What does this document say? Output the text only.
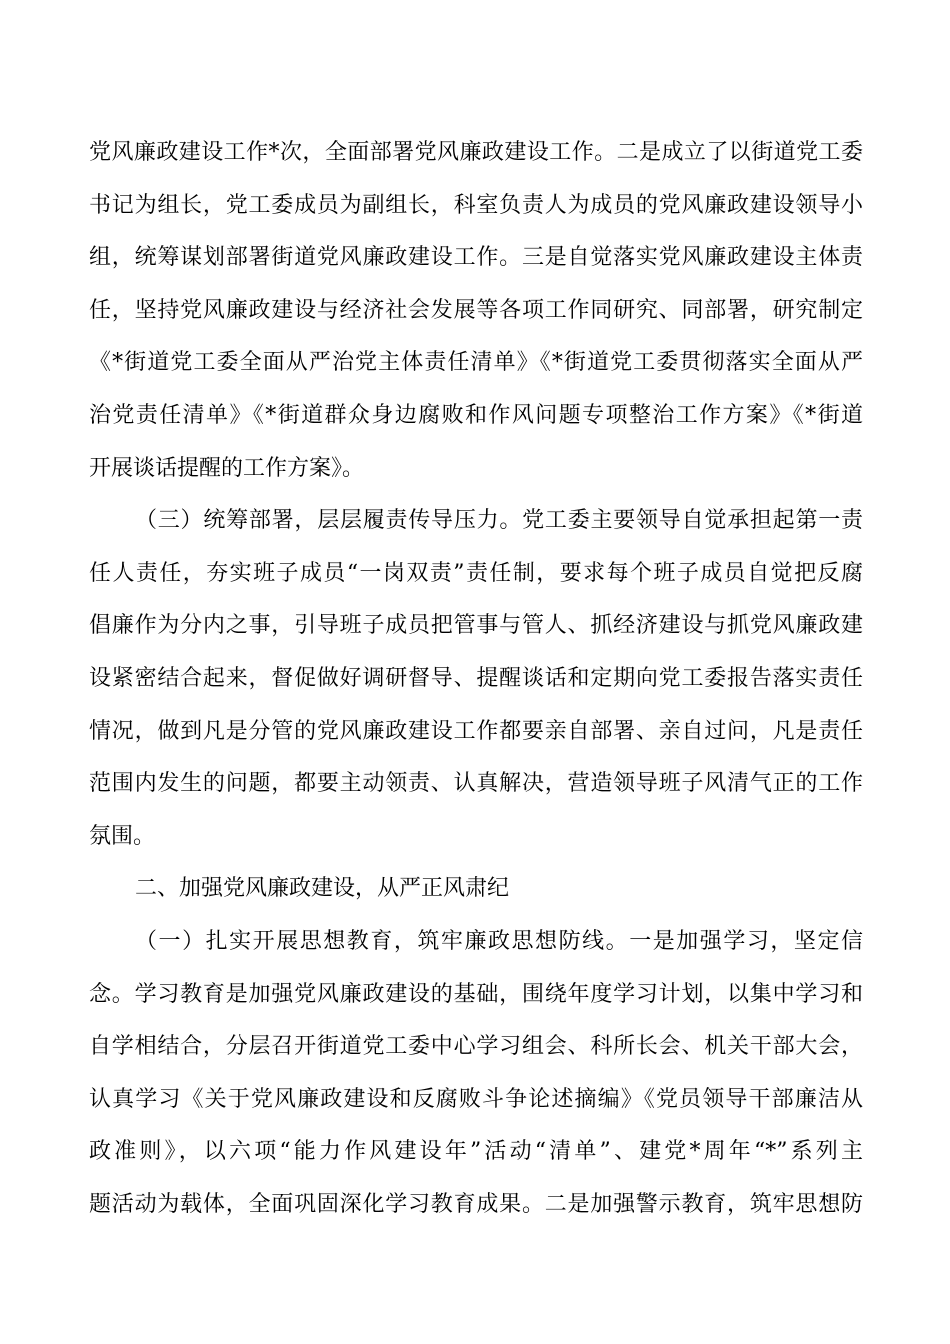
党风廉政建设工作*次，全面部署党风廉政建设工作。二是成立了以街道党工委
书记为组长，党工委成员为副组长，科室负责人为成员的党风廉政建设领导小
组，统筹谋划部署街道党风廉政建设工作。三是自觉落实党风廉政建设主体责
任，坚持党风廉政建设与经济社会发展等各项工作同研究、同部署，研究制定
《*街道党工委全面从严治党主体责任清单》《*街道党工委贯彻落实全面从严
治党责任清单》《*街道群众身边腐败和作风问题专项整治工作方案》《*街道
开展谈话提醒的工作方案》。
（三）统筹部署，层层履责传导压力。党工委主要领导自觉承担起第一责
任人责任，夯实班子成员“一岗双责”责任制，要求每个班子成员自觉把反腐
倡廉作为分内之事，引导班子成员把管事与管人、抓经济建设与抓党风廉政建
设紧密结合起来，督促做好调研督导、提醒谈话和定期向党工委报告落实责任
情况，做到凡是分管的党风廉政建设工作都要亲自部署、亲自过问，凡是责任
范围内发生的问题，都要主动领责、认真解决，营造领导班子风清气正的工作
氛围。
二、加强党风廉政建设，从严正风肃纪
（一）扎实开展思想教育，筑牢廉政思想防线。一是加强学习，坚定信
念。学习教育是加强党风廉政建设的基础，围绕年度学习计划，以集中学习和
自学相结合，分层召开街道党工委中心学习组会、科所长会、机关干部大会，
认真学习《关于党风廉政建设和反腐败斗争论述摘编》《党员领导干部廉洁从
政准则》，以六项“能力作风建设年”活动“清单”、建党*周年“*”系列主
题活动为载体，全面巩固深化学习教育成果。二是加强警示教育，筑牢思想防
